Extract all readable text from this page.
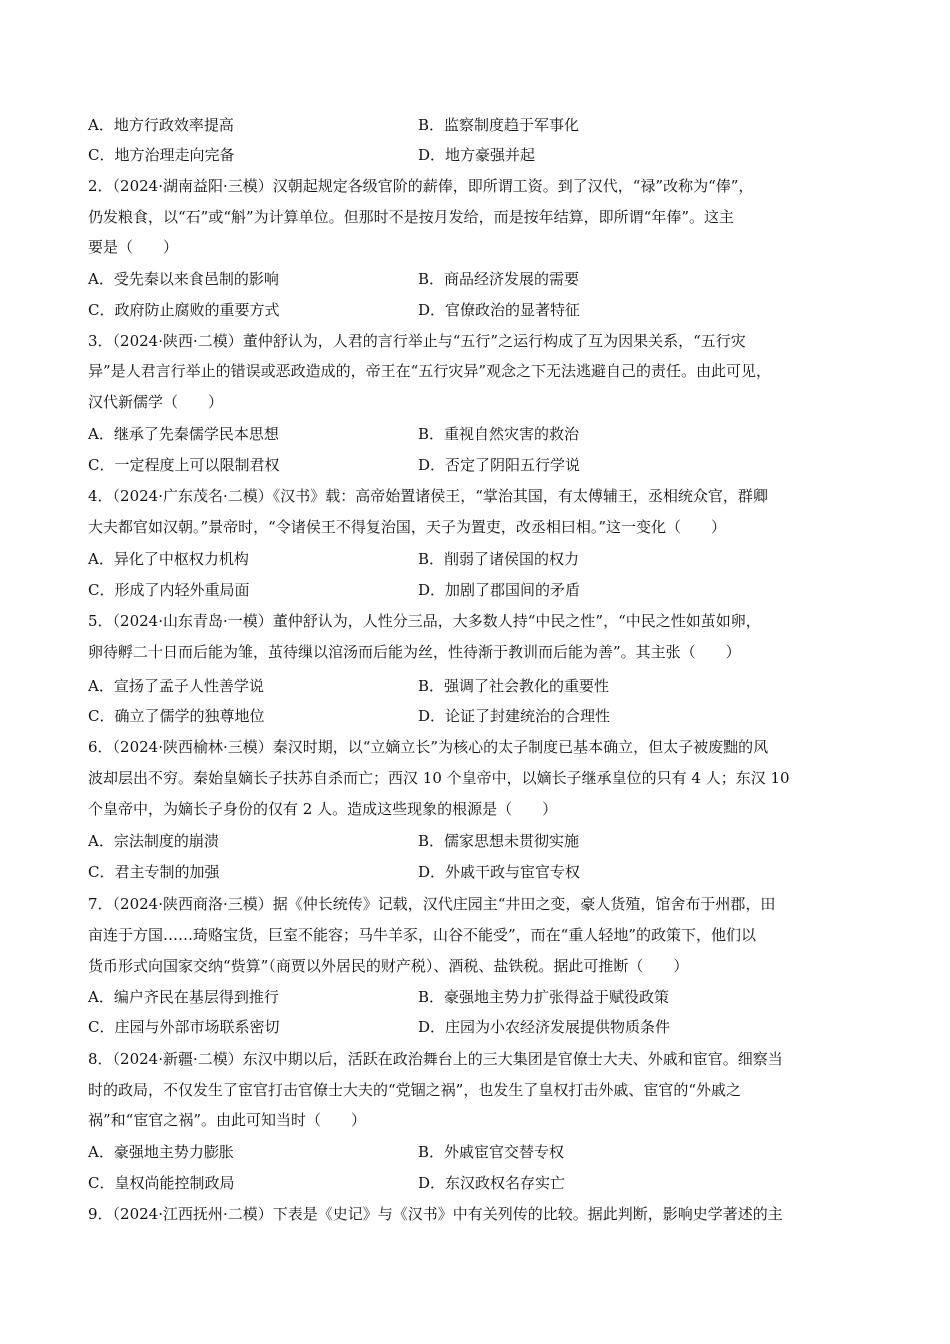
A．地方行政效率提高	B．监察制度趋于军事化
C．地方治理走向完备	D．地方豪强并起
2．（2024·湖南益阳·三模）汉朝起规定各级官阶的薪俸，即所谓工资。到了汉代，“禄”改称为“俸”，
仍发粮食，以“石”或“斛”为计算单位。但那时不是按月发给，而是按年结算，即所谓“年俸”。这主
要是（　　）
A．受先秦以来食邑制的影响	B．商品经济发展的需要
C．政府防止腐败的重要方式	D．官僚政治的显著特征
3．（2024·陕西·二模）董仲舒认为，人君的言行举止与“五行”之运行构成了互为因果关系，“五行灾
异”是人君言行举止的错误或恶政造成的，帝王在“五行灾异”观念之下无法逃避自己的责任。由此可见，
汉代新儒学（　　）
A．继承了先秦儒学民本思想	B．重视自然灾害的救治
C．一定程度上可以限制君权	D．否定了阴阳五行学说
4．（2024·广东茂名·二模）《汉书》载：高帝始置诸侯王，“掌治其国，有太傅辅王，丞相统众官，群卿
大夫都官如汉朝。”景帝时，“令诸侯王不得复治国，天子为置吏，改丞相曰相。”这一变化（　　）
A．异化了中枢权力机构	B．削弱了诸侯国的权力
C．形成了内轻外重局面	D．加剧了郡国间的矛盾
5．（2024·山东青岛·一模）董仲舒认为，人性分三品，大多数人持“中民之性”，“中民之性如茧如卵，
卵待孵二十日而后能为雏，茧待缫以涫汤而后能为丝，性待渐于教训而后能为善”。其主张（　　）
A．宣扬了孟子人性善学说	B．强调了社会教化的重要性
C．确立了儒学的独尊地位	D．论证了封建统治的合理性
6．（2024·陕西榆林·三模）秦汉时期，以“立嫡立长”为核心的太子制度已基本确立，但太子被废黜的风
波却层出不穷。秦始皇嫡长子扶苏自杀而亡；西汉 10 个皇帝中，以嫡长子继承皇位的只有 4 人；东汉 10
个皇帝中，为嫡长子身份的仅有 2 人。造成这些现象的根源是（　　）
A．宗法制度的崩溃	B．儒家思想未贯彻实施
C．君主专制的加强	D．外戚干政与宦官专权
7．（2024·陕西商洛·三模）据《仲长统传》记载，汉代庄园主“井田之变，豪人货殖，馆舍布于州郡，田
亩连于方国……琦赂宝货，巨室不能容；马牛羊豕，山谷不能受”，而在“重人轻地”的政策下，他们以
货币形式向国家交纳“赀算”（商贾以外居民的财产税）、酒税、盐铁税。据此可推断（　　）
A．编户齐民在基层得到推行	B．豪强地主势力扩张得益于赋役政策
C．庄园与外部市场联系密切	D．庄园为小农经济发展提供物质条件
8．（2024·新疆·二模）东汉中期以后，活跃在政治舞台上的三大集团是官僚士大夫、外戚和宦官。细察当
时的政局，不仅发生了宦官打击官僚士大夫的“党锢之祸”，也发生了皇权打击外戚、宦官的“外戚之
祸”和“宦官之祸”。由此可知当时（　　）
A．豪强地主势力膨胀	B．外戚宦官交替专权
C．皇权尚能控制政局	D．东汉政权名存实亡
9．（2024·江西抚州·二模）下表是《史记》与《汉书》中有关列传的比较。据此判断，影响史学著述的主
